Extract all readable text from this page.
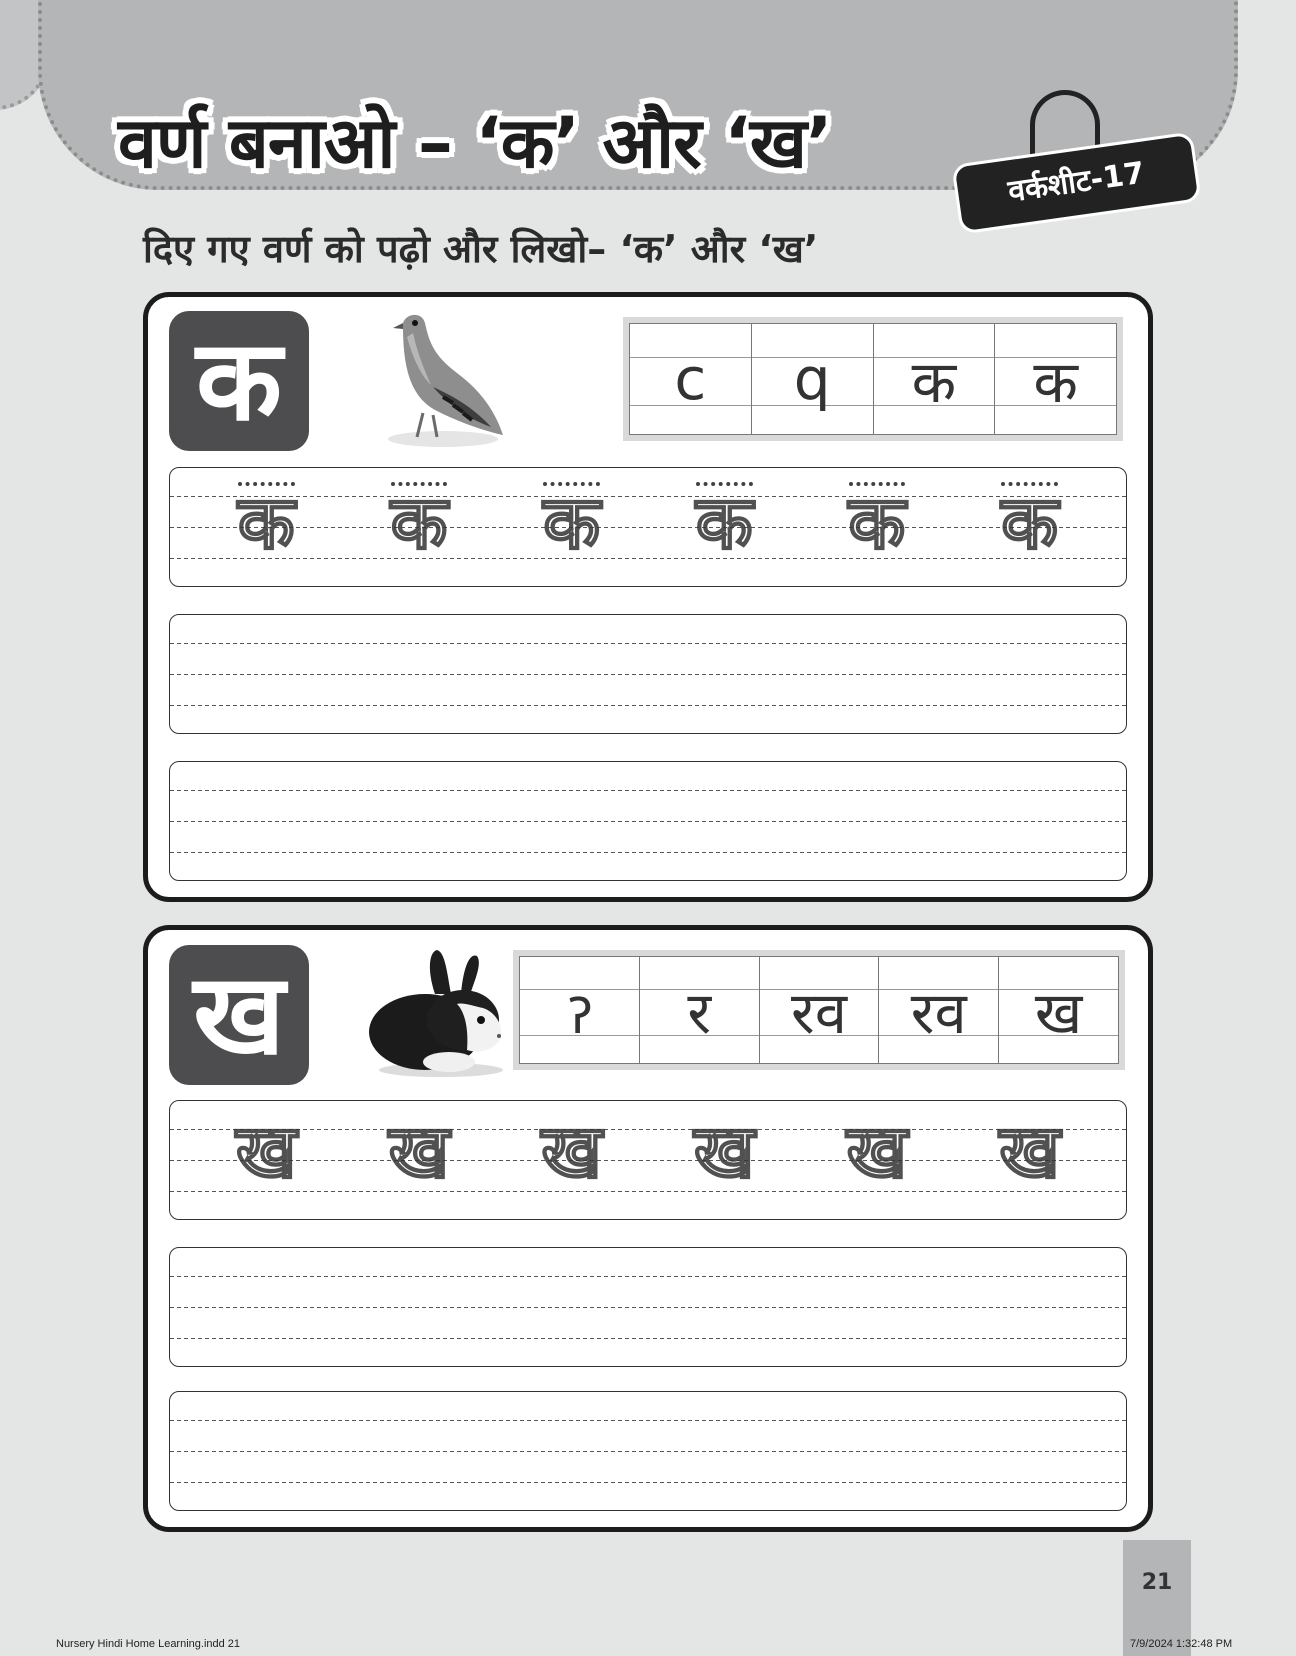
वर्ण बनाओ – ‘क’ और ‘ख’	वर्कशीट-17
दिए गए वर्ण को पढ़ो और लिखो– ‘क’ और ‘ख’
क	c	q	क	क
क क क क क क
ख	ॽ	र	रव	रव	ख
ख ख ख ख ख ख
21
Nursery Hindi Home Learning.indd 21	7/9/2024 1:32:48 PM
